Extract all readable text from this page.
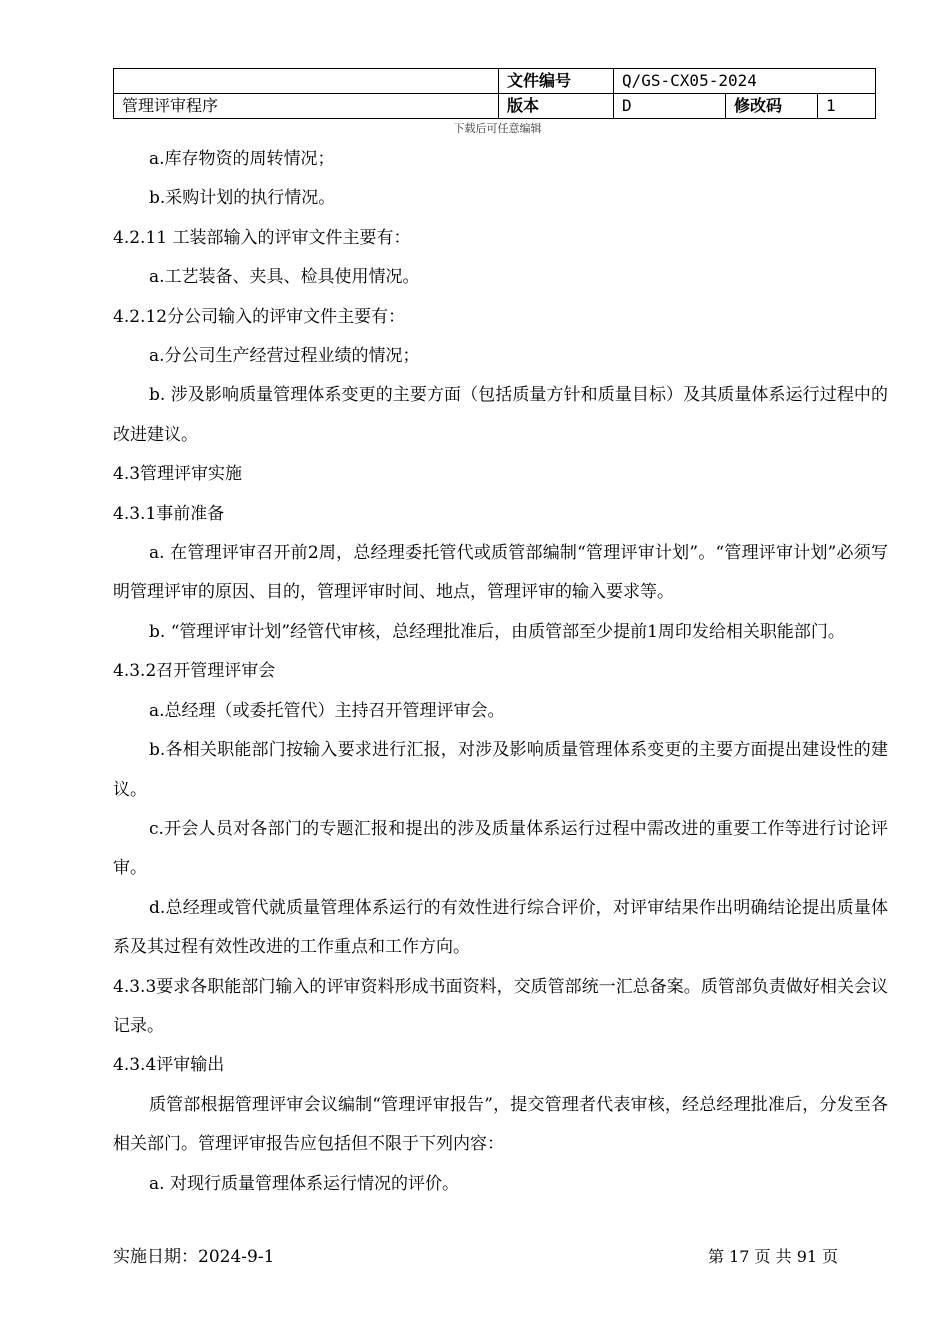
	文件编号	Q/GS-CX05-2024		
管理评审程序	版本	D	修改码	1
下载后可任意编辑

a.库存物资的周转情况；

b.采购计划的执行情况。

4.2.11 工装部输入的评审文件主要有：

a.工艺装备、夹具、检具使用情况。

4.2.12分公司输入的评审文件主要有：

a.分公司生产经营过程业绩的情况；

b. 涉及影响质量管理体系变更的主要方面（包括质量方针和质量目标）及其质量体系运行过程中的改进建议。

4.3管理评审实施

4.3.1事前准备

a. 在管理评审召开前2周，总经理委托管代或质管部编制“管理评审计划”。“管理评审计划”必须写明管理评审的原因、目的，管理评审时间、地点，管理评审的输入要求等。

b. “管理评审计划”经管代审核，总经理批准后，由质管部至少提前1周印发给相关职能部门。

4.3.2召开管理评审会

a.总经理（或委托管代）主持召开管理评审会。

b.各相关职能部门按输入要求进行汇报，对涉及影响质量管理体系变更的主要方面提出建设性的建议。

c.开会人员对各部门的专题汇报和提出的涉及质量体系运行过程中需改进的重要工作等进行讨论评审。

d.总经理或管代就质量管理体系运行的有效性进行综合评价，对评审结果作出明确结论提出质量体系及其过程有效性改进的工作重点和工作方向。

4.3.3要求各职能部门输入的评审资料形成书面资料，交质管部统一汇总备案。质管部负责做好相关会议记录。

4.3.4评审输出

质管部根据管理评审会议编制“管理评审报告”，提交管理者代表审核，经总经理批准后，分发至各相关部门。管理评审报告应包括但不限于下列内容：

a. 对现行质量管理体系运行情况的评价。

实施日期：2024-9-1	第 17 页 共 91 页
